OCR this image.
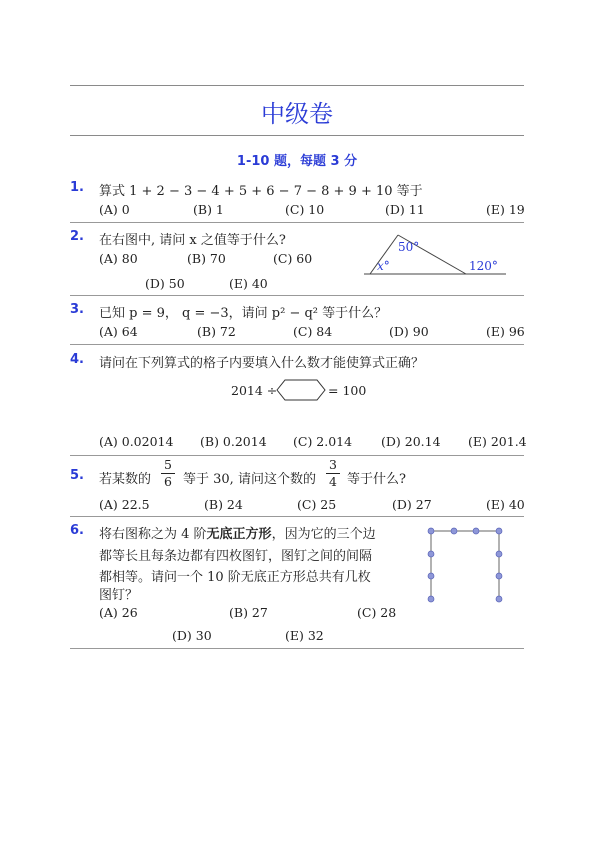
中级卷
1-10 题，每题 3 分
1. 算式 1 + 2 − 3 − 4 + 5 + 6 − 7 − 8 + 9 + 10 等于
(A) 0	(B) 1	(C) 10	(D) 11	(E) 19
2. 在右图中, 请问 x 之值等于什么?
(A) 80	(B) 70	(C) 60
(D) 50	(E) 40
50°
x°	120°
3. 已知 p = 9， q = −3，请问 p² − q² 等于什么？
(A) 64	(B) 72	(C) 84	(D) 90	(E) 96
4. 请问在下列算式的格子内要填入什么数才能使算式正确？
2014 ÷	= 100
(A) 0.02014 (B) 0.2014 (C) 2.014 (D) 20.14 (E) 201.4
5. 若某数的
5
6 等于 30, 请问这个数的
3
4 等于什么?
(A) 22.5	(B) 24	(C) 25	(D) 27	(E) 40
6. 将右图称之为 4 阶无底正方形，因为它的三个边
都等长且每条边都有四枚图钉，图钉之间的间隔
都相等。请问一个 10 阶无底正方形总共有几枚
图钉？
(A) 26	(B) 27	(C) 28
(D) 30	(E) 32
